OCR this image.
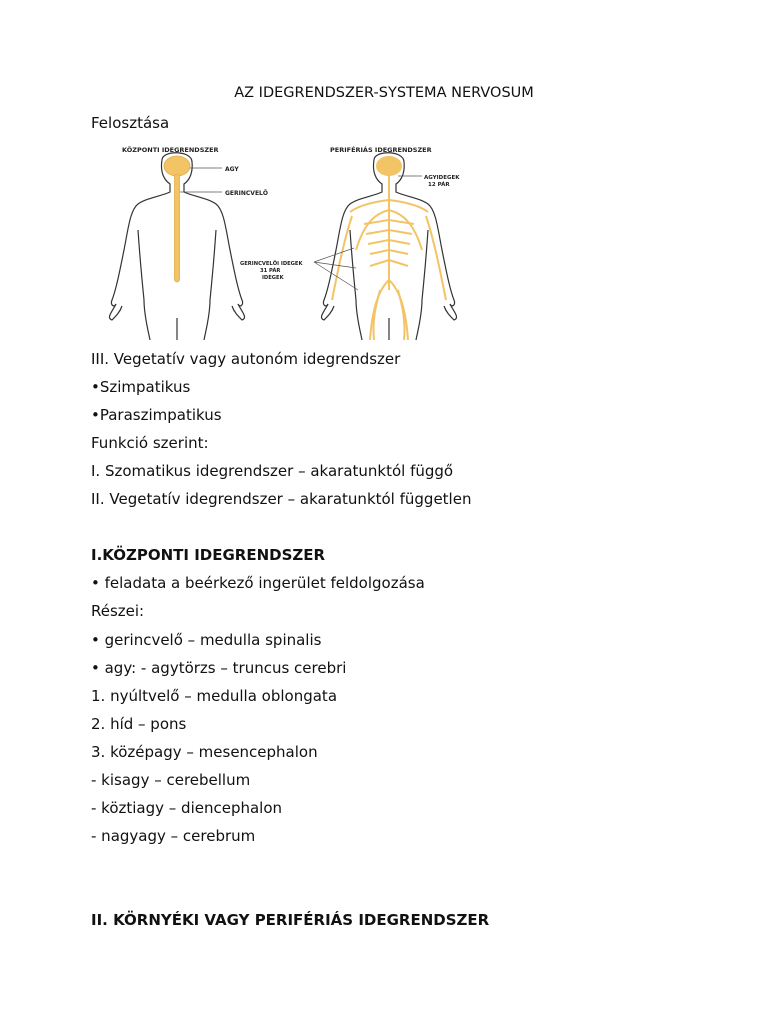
AZ IDEGRENDSZER-SYSTEMA NERVOSUM
Felosztása
KÖZPONTI IDEGRENDSZER
AGY
GERINCVELŐ
PERIFÉRIÁS IDEGRENDSZER
AGYIDEGEK
12 PÁR
GERINCVELŐI IDEGEK
31 PÁR
IDEGEK
III. Vegetatív vagy autonóm idegrendszer
•Szimpatikus
•Paraszimpatikus
Funkció szerint:
I. Szomatikus idegrendszer – akaratunktól függő
II. Vegetatív idegrendszer – akaratunktól független
I.KÖZPONTI IDEGRENDSZER
• feladata a beérkező ingerület feldolgozása
Részei:
• gerincvelő – medulla spinalis
• agy: - agytörzs – truncus cerebri
1. nyúltvelő – medulla oblongata
2. híd – pons
3. középagy – mesencephalon
- kisagy – cerebellum
- köztiagy – diencephalon
- nagyagy – cerebrum
II. KÖRNYÉKI VAGY PERIFÉRIÁS IDEGRENDSZER
